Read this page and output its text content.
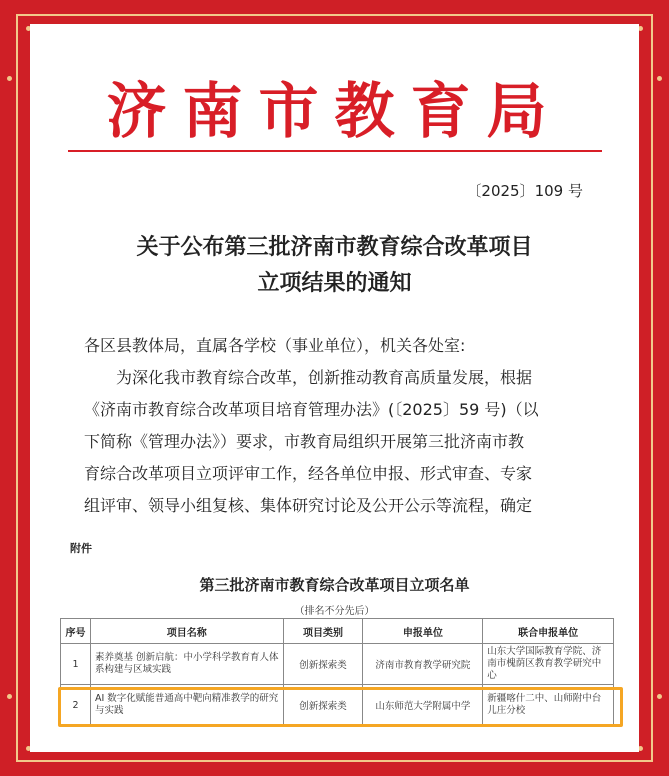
济南市教育局
〔2025〕109 号
关于公布第三批济南市教育综合改革项目
立项结果的通知
各区县教体局，直属各学校（事业单位），机关各处室:
为深化我市教育综合改革，创新推动教育高质量发展，根据
《济南市教育综合改革项目培育管理办法》(〔2025〕59 号)（以
下简称《管理办法》）要求，市教育局组织开展第三批济南市教
育综合改革项目立项评审工作，经各单位申报、形式审查、专家
组评审、领导小组复核、集体研究讨论及公开公示等流程，确定
附件
第三批济南市教育综合改革项目立项名单
（排名不分先后）
序号	项目名称	项目类别	申报单位	联合申报单位
1	素养奠基 创新启航：中小学科学教育育人体系构建与区域实践	创新探索类	济南市教育教学研究院	山东大学国际教育学院、济南市槐荫区教育教学研究中心
2	AI 数字化赋能普通高中靶向精准教学的研究与实践	创新探索类	山东师范大学附属中学	新疆喀什二中、山师附中台儿庄分校
